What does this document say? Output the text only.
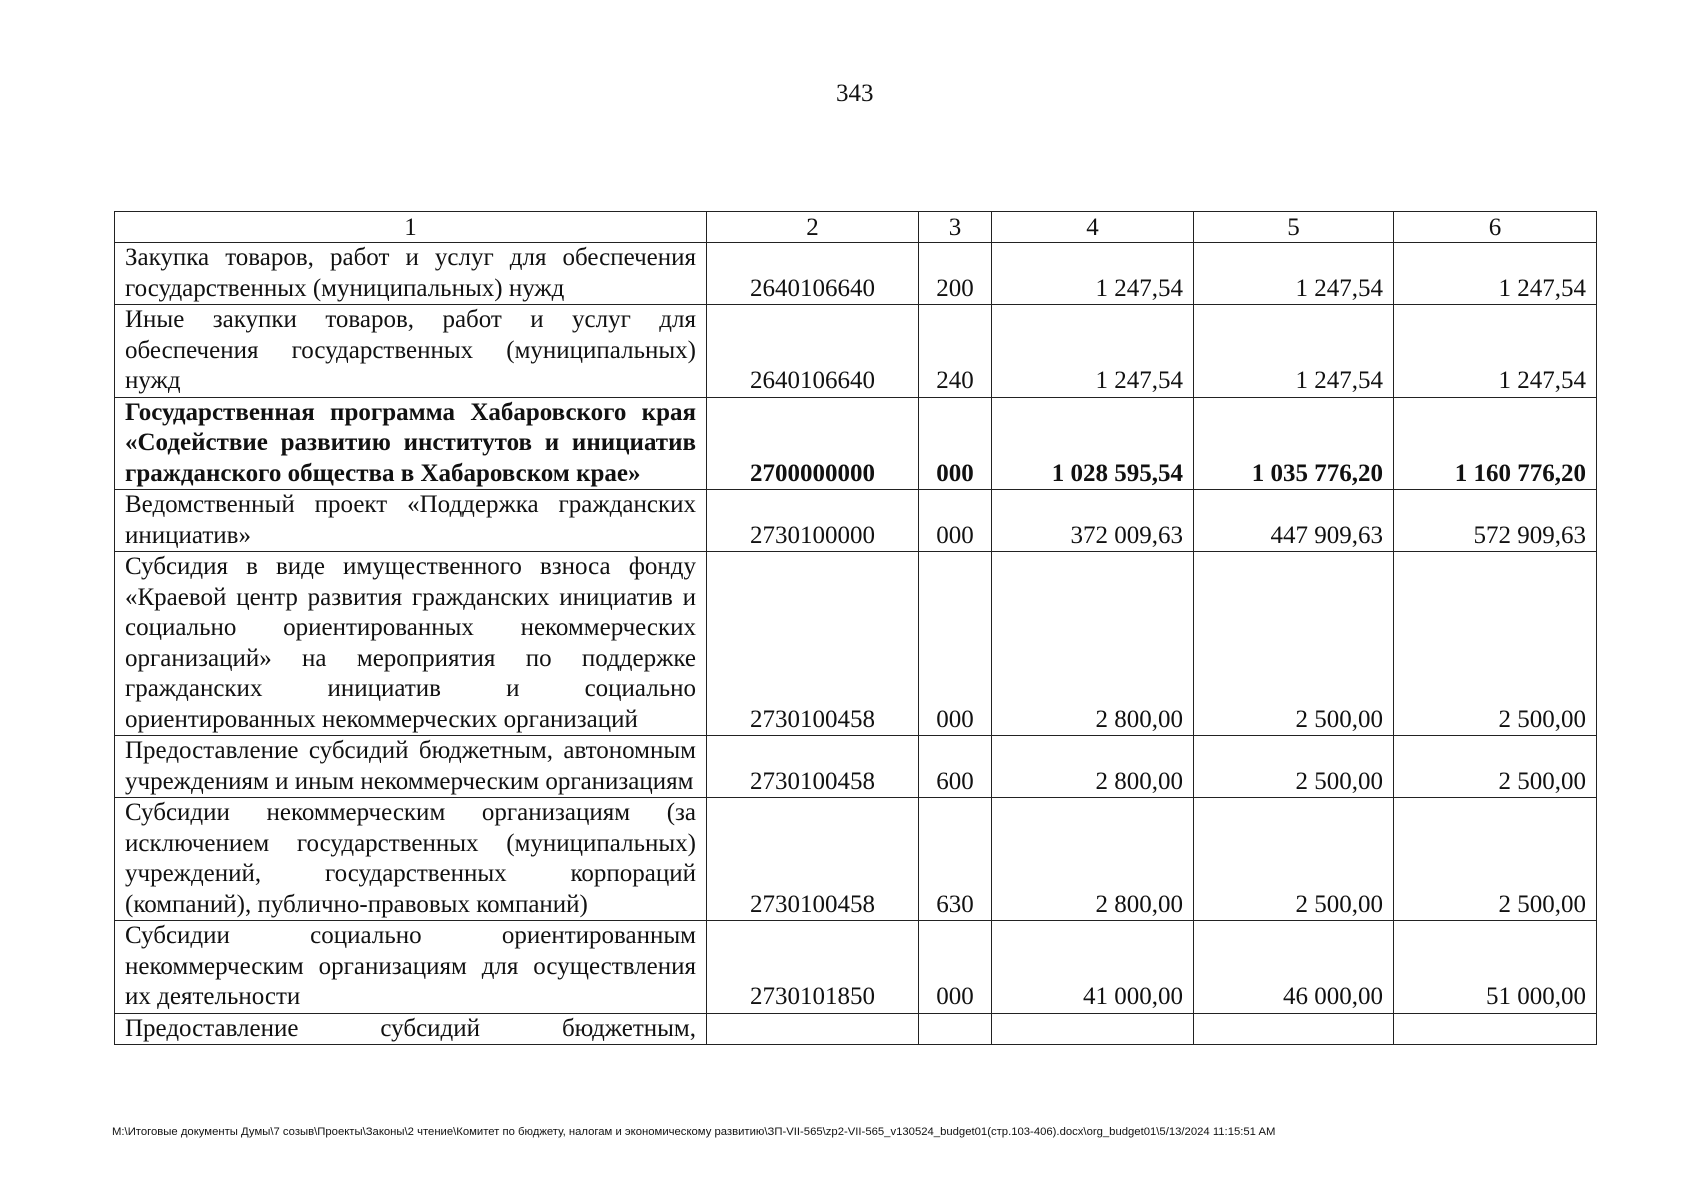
343
1	2	3	4	5	6
Закупка товаров, работ и услуг для обеспечения государственных (муниципальных) нужд	2640106640	200	1 247,54	1 247,54	1 247,54
Иные закупки товаров, работ и услуг для обеспечения государственных (муниципальных) нужд	2640106640	240	1 247,54	1 247,54	1 247,54
Государственная программа Хабаровского края «Содействие развитию институтов и инициатив гражданского общества в Хабаровском крае»	2700000000	000	1 028 595,54	1 035 776,20	1 160 776,20
Ведомственный проект «Поддержка гражданских инициатив»	2730100000	000	372 009,63	447 909,63	572 909,63
Субсидия в виде имущественного взноса фонду «Краевой центр развития гражданских инициатив и социально ориентированных некоммерческих организаций» на мероприятия по поддержке гражданских инициатив и социально ориентированных некоммерческих организаций	2730100458	000	2 800,00	2 500,00	2 500,00
Предоставление субсидий бюджетным, автономным учреждениям и иным некоммерческим организациям	2730100458	600	2 800,00	2 500,00	2 500,00
Субсидии некоммерческим организациям (за исключением государственных (муниципальных) учреждений, государственных корпораций (компаний), публично-правовых компаний)	2730100458	630	2 800,00	2 500,00	2 500,00
Субсидии социально ориентированным некоммерческим организациям для осуществления их деятельности	2730101850	000	41 000,00	46 000,00	51 000,00
Предоставление субсидий бюджетным,					
M:\Итоговые документы Думы\7 созыв\Проекты\Законы\2 чтение\Комитет по бюджету, налогам и экономическому развитию\ЗП-VII-565\zp2-VII-565_v130524_budget01(стр.103-406).docx\org_budget01\5/13/2024 11:15:51 AM
